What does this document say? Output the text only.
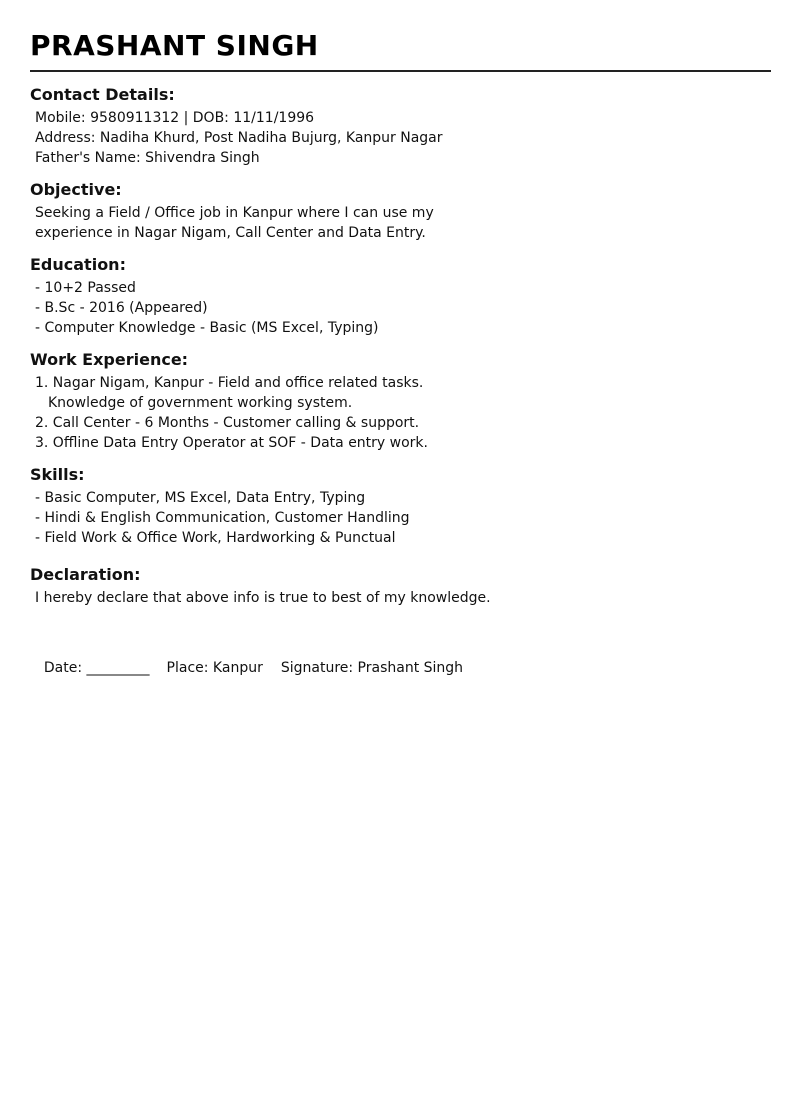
PRASHANT SINGH
Contact Details:
Mobile: 9580911312 | DOB: 11/11/1996
Address: Nadiha Khurd, Post Nadiha Bujurg, Kanpur Nagar
Father's Name: Shivendra Singh
Objective:
Seeking a Field / Office job in Kanpur where I can use my
experience in Nagar Nigam, Call Center and Data Entry.
Education:
- 10+2 Passed
- B.Sc - 2016 (Appeared)
- Computer Knowledge - Basic (MS Excel, Typing)
Work Experience:
1. Nagar Nigam, Kanpur - Field and office related tasks.
Knowledge of government working system.
2. Call Center - 6 Months - Customer calling & support.
3. Offline Data Entry Operator at SOF - Data entry work.
Skills:
- Basic Computer, MS Excel, Data Entry, Typing
- Hindi & English Communication, Customer Handling
- Field Work & Office Work, Hardworking & Punctual
Declaration:
I hereby declare that above info is true to best of my knowledge.

Date: _________ Place: Kanpur Signature: Prashant Singh
